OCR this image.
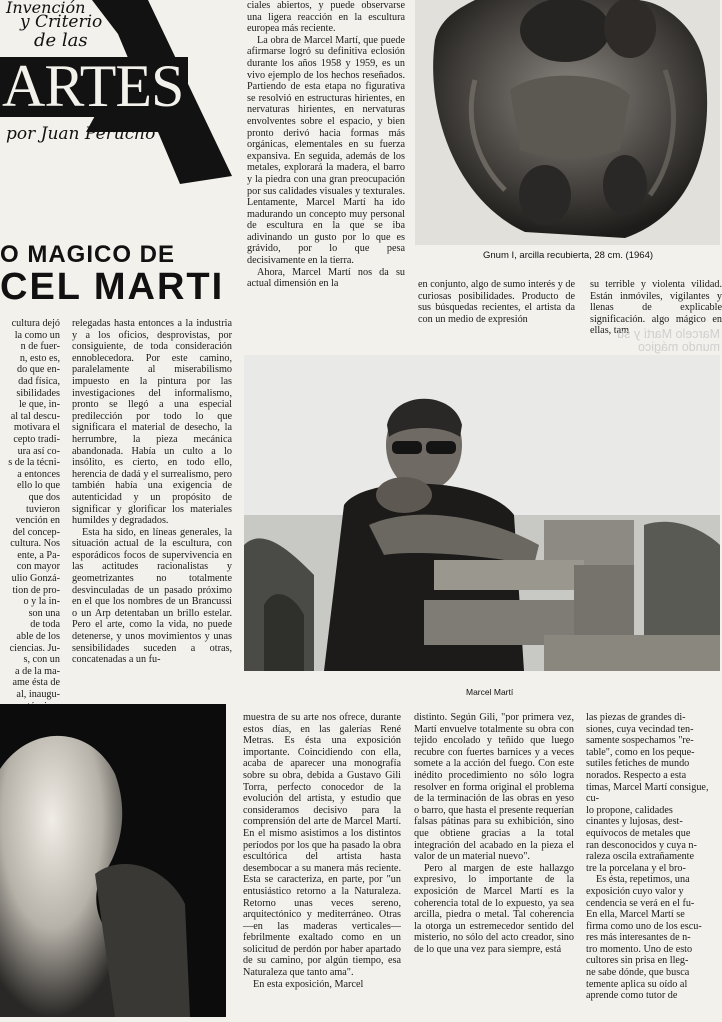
Invención
y Criterio
de las
ARTES
por Juan Perucho
O MAGICO DE
CEL MARTI

ciales abiertos, y puede observarse una ligera reacción en la escultura europea más reciente.

La obra de Marcel Martí, que puede afirmarse logró su definitiva eclosión durante los años 1958 y 1959, es un vivo ejemplo de los hechos reseñados. Partiendo de esta etapa no figurativa se resolvió en estructuras hirientes, en nervaturas hirientes, en nervaturas envolventes sobre el espacio, y bien pronto derivó hacia formas más orgánicas, elementales en su fuerza expansiva. En seguida, además de los metales, explorará la madera, el barro y la piedra con una gran preocupación por sus calidades visuales y texturales. Lentamente, Marcel Martí ha ido madurando un concepto muy personal de escultura en la que se iba adivinando un gusto por lo que es grávido, por lo que pesa decisivamente en la tierra.

Ahora, Marcel Martí nos da su actual dimensión en la

Gnum I, arcilla recubierta, 28 cm. (1964)
cultura dejó
la como un
n de fuer-
n, esto es,
do que en-
dad física,
sibilidades
le que, in-
al tal descu-
motivara el
cepto tradi-
ura así co-
s de la técni-
a entonces
ello lo que
que dos
tuvieron
vención en
del concep-
cultura. Nos
ente, a Pa-
con mayor
ulio Gonzá-
tion de pro-
o y la in-
son una
de toda
able de los
ciencias. Ju-
s, con un
a de la ma-
ame ésta de
al, inaugu-

relegadas hasta entonces a la industria y a los oficios, desprovistas, por consiguiente, de toda consideración ennoblecedora. Por este camino, paralelamente al miserabilismo impuesto en la pintura por las investigaciones del informalismo, pronto se llegó a una especial predilección por todo lo que significara el material de desecho, la herrumbre, la pieza mecánica abandonada. Había un culto a lo insólito, es cierto, en todo ello, herencia de dadá y el surrealismo, pero también había una exigencia de autenticidad y un propósito de significar y glorificar los materiales humildes y degradados.

Esta ha sido, en líneas generales, la situación actual de la escultura, con esporádicos focos de supervivencia en las actitudes racionalistas y geometrizantes no totalmente desvinculadas de un pasado próximo en el que los nombres de un Brancussi o un Arp detentaban un brillo estelar. Pero el arte, como la vida, no puede detenerse, y unos movimientos y unas sensibilidades suceden a otras, concatenadas a un fu-

en conjunto, algo de sumo interés y de curiosas posibilidades. Producto de sus búsquedas recientes, el artista da con un medio de expresión

su terrible y violenta vilidad. Están inmóviles, vigilantes y llenas de explicable significación. algo mágico en ellas, tam

Marcel Martí
Marcelo Martí y su
mundo mágico

muestra de su arte nos ofrece, durante estos días, en las galerías René Metras. Es ésta una exposición importante. Coincidiendo con ella, acaba de aparecer una monografía sobre su obra, debida a Gustavo Gili Torra, perfecto conocedor de la evolución del artista, y estudio que consideramos decisivo para la comprensión del arte de Marcel Martí. En el mismo asistimos a los distintos períodos por los que ha pasado la obra escultórica del artista hasta desembocar a su manera más reciente. Esta se caracteriza, en parte, por "un entusiástico retorno a la Naturaleza. Retorno unas veces sereno, arquitectónico y mediterráneo. Otras —en las maderas verticales— febrilmente exaltado como en un solicitud de perdón por haber apartado de su camino, por algún tiempo, esa Naturaleza que tanto ama".

En esta exposición, Marcel

distinto. Según Gili, "por primera vez, Martí envuelve totalmente su obra con tejido encolado y teñido que luego recubre con fuertes barnices y a veces somete a la acción del fuego. Con este inédito procedimiento no sólo logra resolver en forma original el problema de la terminación de las obras en yeso o barro, que hasta el presente requerían falsas pátinas para su exhibición, sino que obtiene gracias a la total integración del acabado en la pieza el valor de un material nuevo".

Pero al margen de este hallazgo expresivo, lo importante de la exposición de Marcel Martí es la coherencia total de lo expuesto, ya sea arcilla, piedra o metal. Tal coherencia la otorga un estremecedor sentido del misterio, no sólo del acto creador, sino de lo que una vez para siempre, está

las piezas de grandes di-
siones, cuya vecindad ten-
samente sospechamos "re-
table", como en los peque-
sutiles fetiches de mundo
norados. Respecto a esta
timas, Marcel Martí consigue, cu-
lo propone, calidades
cinantes y lujosas, dest-
equívocos de metales que
ran desconocidos y cuya n-
raleza oscila extrañamente
tre la porcelana y el bro-
Es ésta, repetimos, una
exposición cuyo valor y
cendencia se verá en el fu-
En ella, Marcel Martí se
firma como uno de los escu-
res más interesantes de n-
tro momento. Uno de esto
cultores sin prisa en lleg-
ne sabe dónde, que busca
temente aplica su oído al
aprende como tutor de
